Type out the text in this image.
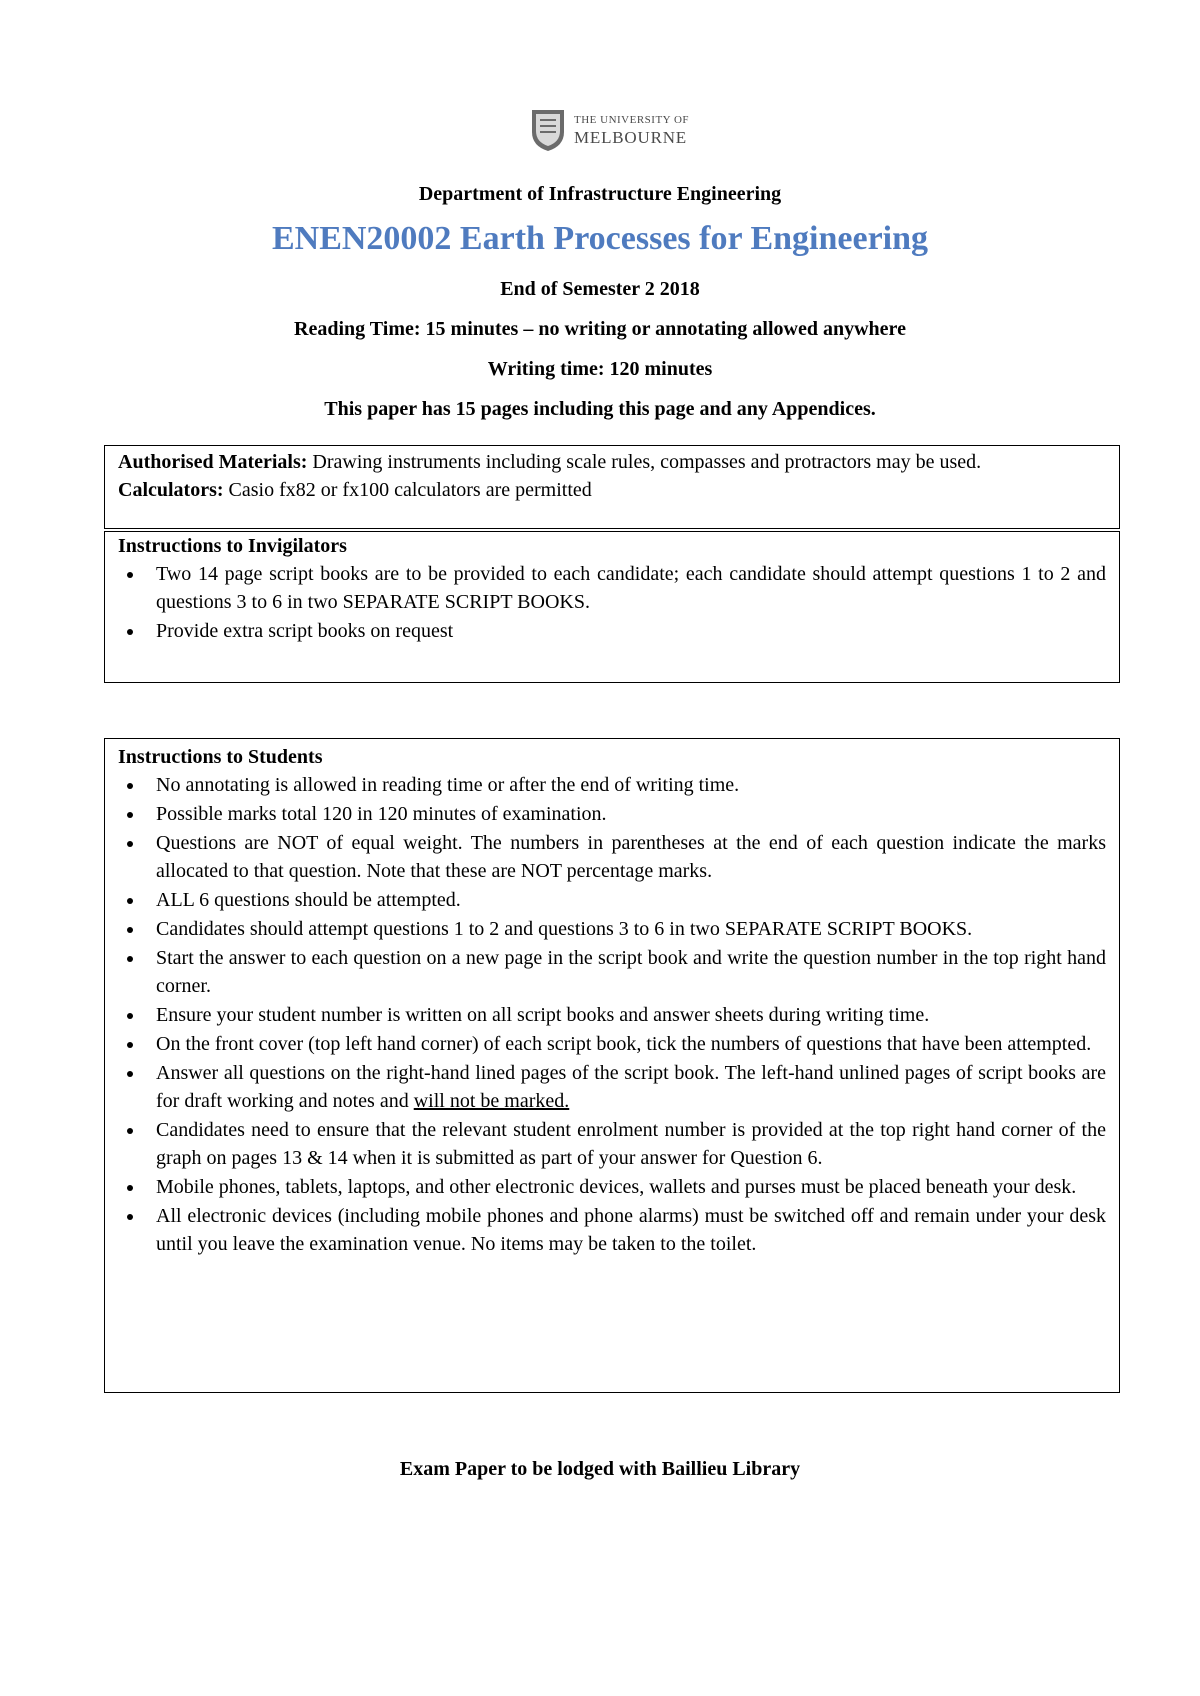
THE UNIVERSITY OF
MELBOURNE
Department of Infrastructure Engineering
ENEN20002 Earth Processes for Engineering
End of Semester 2 2018
Reading Time: 15 minutes – no writing or annotating allowed anywhere
Writing time: 120 minutes
This paper has 15 pages including this page and any Appendices.
Authorised Materials: Drawing instruments including scale rules, compasses and protractors may be used.
Calculators: Casio fx82 or fx100 calculators are permitted
Instructions to Invigilators
Two 14 page script books are to be provided to each candidate; each candidate should attempt questions 1 to 2 and questions 3 to 6 in two SEPARATE SCRIPT BOOKS.
Provide extra script books on request
Instructions to Students
No annotating is allowed in reading time or after the end of writing time.
Possible marks total 120 in 120 minutes of examination.
Questions are NOT of equal weight. The numbers in parentheses at the end of each question indicate the marks allocated to that question. Note that these are NOT percentage marks.
ALL 6 questions should be attempted.
Candidates should attempt questions 1 to 2 and questions 3 to 6 in two SEPARATE SCRIPT BOOKS.
Start the answer to each question on a new page in the script book and write the question number in the top right hand corner.
Ensure your student number is written on all script books and answer sheets during writing time.
On the front cover (top left hand corner) of each script book, tick the numbers of questions that have been attempted.
Answer all questions on the right-hand lined pages of the script book. The left-hand unlined pages of script books are for draft working and notes and will not be marked.
Candidates need to ensure that the relevant student enrolment number is provided at the top right hand corner of the graph on pages 13 & 14 when it is submitted as part of your answer for Question 6.
Mobile phones, tablets, laptops, and other electronic devices, wallets and purses must be placed beneath your desk.
All electronic devices (including mobile phones and phone alarms) must be switched off and remain under your desk until you leave the examination venue. No items may be taken to the toilet.
Exam Paper to be lodged with Baillieu Library
